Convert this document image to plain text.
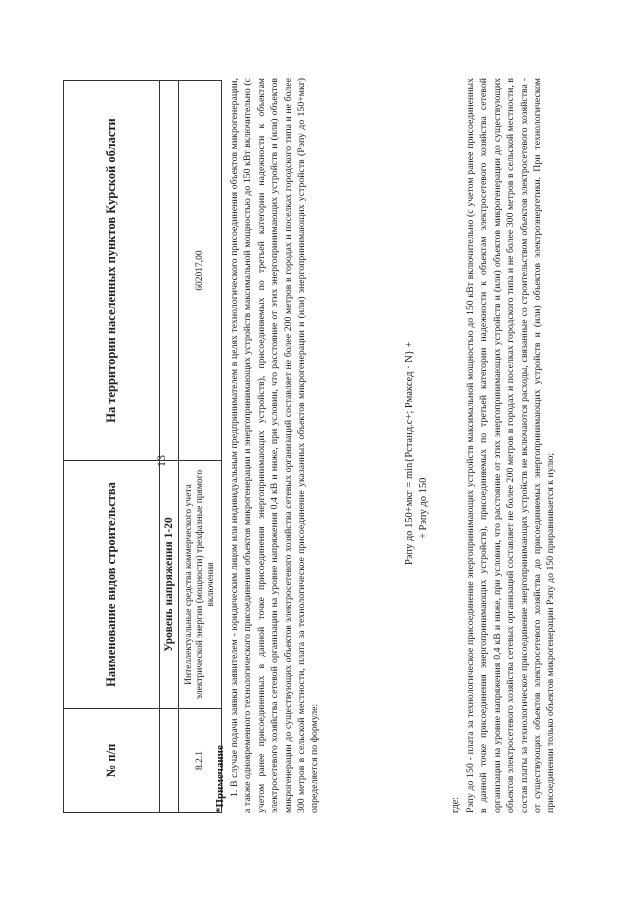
13
№ п/п	Наименование видов строительства	На территории населенных пунктов Курской области
	Уровень напряжения 1-20	
8.2.1	Интеллектуальные средства коммерческого учета электрической энергии (мощности) трехфазные прямого включения	602017,00
*Примечание 1. В случае подачи заявки заявителем - юридическим лицом или индивидуальным предпринимателем в целях технологического присоединения объектов микрогенерации, а также одновременного технологического присоединения объектов микрогенерации и энергопринимающих устройств максимальной мощностью до 150 кВт включительно (с учетом ранее присоединенных в данной точке присоединения энергопринимающих устройств), присоединяемых по третьей категории надежности к объектам электросетевого хозяйства сетевой организации на уровне напряжения 0,4 кВ и ниже, при условии, что расстояние от этих энергопринимающих устройств и (или) объектов микрогенерации до существующих объектов электросетевого хозяйства сетевых организаций составляет не более 200 метров в городах и поселках городского типа и не более 300 метров в сельской местности, плата за технологическое присоединение указанных объектов микрогенерации и (или) энергопринимающих устройств (Pэпу до 150+мкг) определяется по формуле:
Pэпу до 150+мкг = min{Pстанд.с+; Pмаксед · N} + + Pэпу до 150
где: Pэпу до 150 - плата за технологическое присоединение энергопринимающих устройств максимальной мощностью до 150 кВт включительно (с учетом ранее присоединенных в данной точке присоединения энергопринимающих устройств), присоединяемых по третьей категории надежности к объектам электросетевого хозяйства сетевой организации на уровне напряжения 0,4 кВ и ниже, при условии, что расстояние от этих энергопринимающих устройств и (или) объектов микрогенерации до существующих объектов электросетевого хозяйства сетевых организаций составляет не более 200 метров в городах и поселках городского типа и не более 300 метров в сельской местности, в состав платы за технологическое присоединение энергопринимающих устройств не включаются расходы, связанные со строительством объектов электросетевого хозяйства - от существующих объектов электросетевого хозяйства до присоединяемых энергопринимающих устройств и (или) объектов электроэнергетики. При технологическом присоединении только объектов микрогенерации Pэпу до 150 приравнивается к нулю;
